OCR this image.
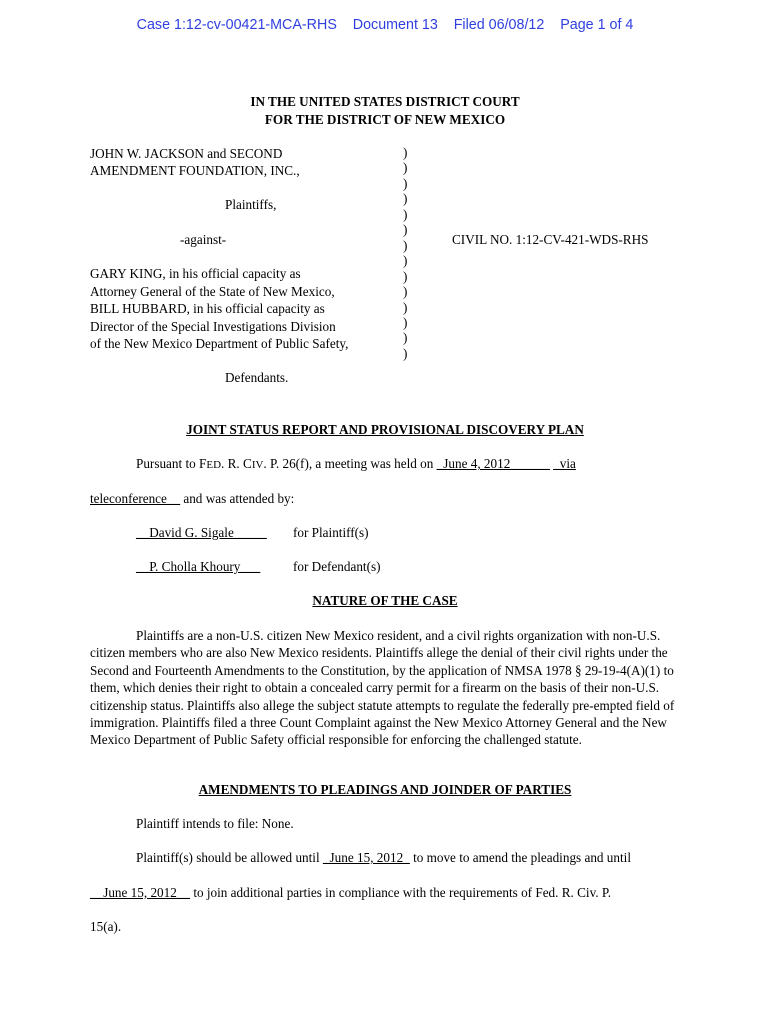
Case 1:12-cv-00421-MCA-RHS Document 13 Filed 06/08/12 Page 1 of 4
IN THE UNITED STATES DISTRICT COURT
FOR THE DISTRICT OF NEW MEXICO
JOHN W. JACKSON and SECOND
AMENDMENT FOUNDATION, INC.,
Plaintiffs,
-against-
GARY KING, in his official capacity as
Attorney General of the State of New Mexico,
BILL HUBBARD, in his official capacity as
Director of the Special Investigations Division
of the New Mexico Department of Public Safety,
Defendants.
)
)
)
)
)
)
)
)
)
)
)
)
)
)
CIVIL NO. 1:12-CV-421-WDS-RHS
JOINT STATUS REPORT AND PROVISIONAL DISCOVERY PLAN
Pursuant to FED. R. CIV. P. 26(f), a meeting was held on _June 4, 2012______ _via
teleconference__ and was attended by:
__David G. Sigale_____ for Plaintiff(s)
__P. Cholla Khoury___ for Defendant(s)
NATURE OF THE CASE
Plaintiffs are a non-U.S. citizen New Mexico resident, and a civil rights organization with non-U.S. citizen members who are also New Mexico residents. Plaintiffs allege the denial of their civil rights under the Second and Fourteenth Amendments to the Constitution, by the application of NMSA 1978 § 29-19-4(A)(1) to them, which denies their right to obtain a concealed carry permit for a firearm on the basis of their non-U.S. citizenship status. Plaintiffs also allege the subject statute attempts to regulate the federally pre-empted field of immigration. Plaintiffs filed a three Count Complaint against the New Mexico Attorney General and the New Mexico Department of Public Safety official responsible for enforcing the challenged statute.
AMENDMENTS TO PLEADINGS AND JOINDER OF PARTIES
Plaintiff intends to file: None.
Plaintiff(s) should be allowed until _June 15, 2012_ to move to amend the pleadings and until
__June 15, 2012__ to join additional parties in compliance with the requirements of Fed. R. Civ. P.
15(a).
